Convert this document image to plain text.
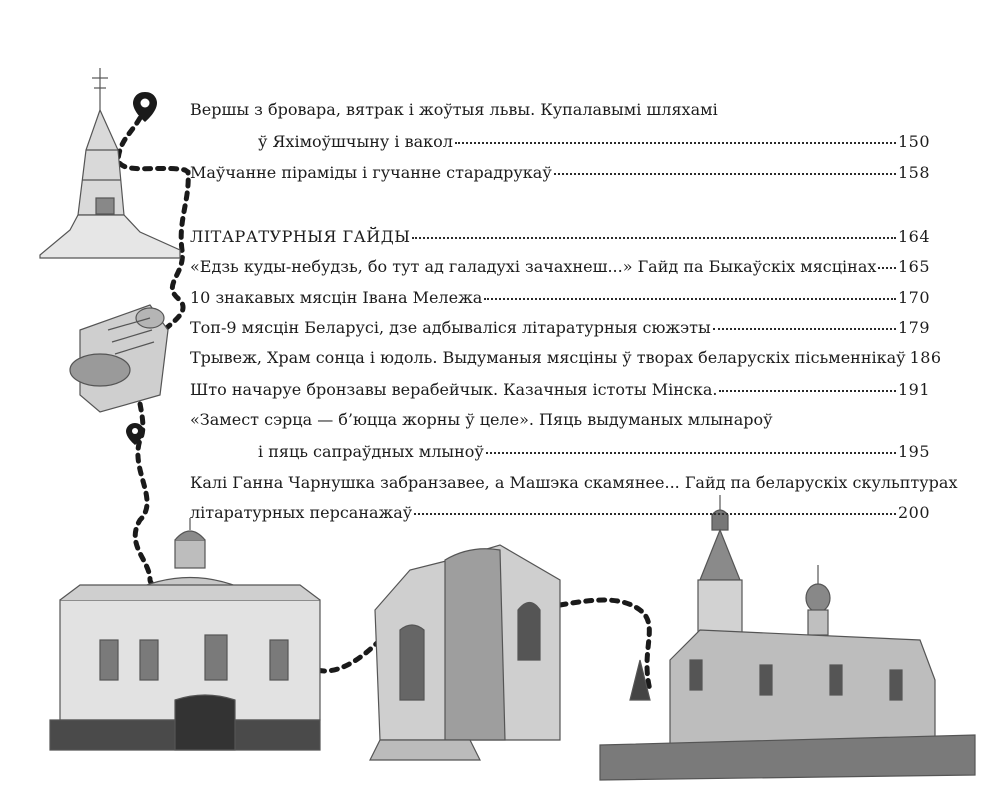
Вершы з бровара, вятрак і жоўтыя львы. Купалавымі шляхамі
ў Яхімоўшчыну і вакол	150
Маўчанне пірaміды і гучанне старадрукаў	158
ЛІТАРАТУРНЫЯ ГАЙДЫ	164
«Едзь куды-небудзь, бо тут ад галадухі зачахнеш...» Гайд па Быкаўскіх мясцінах 165
10 знакавых мясцін Івана Мележа	170
Топ-9 мясцін Беларусі, дзе адбываліся літаратурныя сюжэты	179
Трывеж, Храм сонца і юдоль. Выдуманыя мясціны ў творах беларускіх пісьменнікаў 186
Што начаруе бронзавы верабейчык. Казачныя істоты Мінска.	191
«Замест сэрца — б’юцца жорны ў целе». Пяць выдуманых млынароў
і пяць сапраўдных млыноў	195
Калі Ганна Чарнушка забранзавее, а Машэка скамянее... Гайд па беларускіх скульптурах
літаратурных персанажаў	200
